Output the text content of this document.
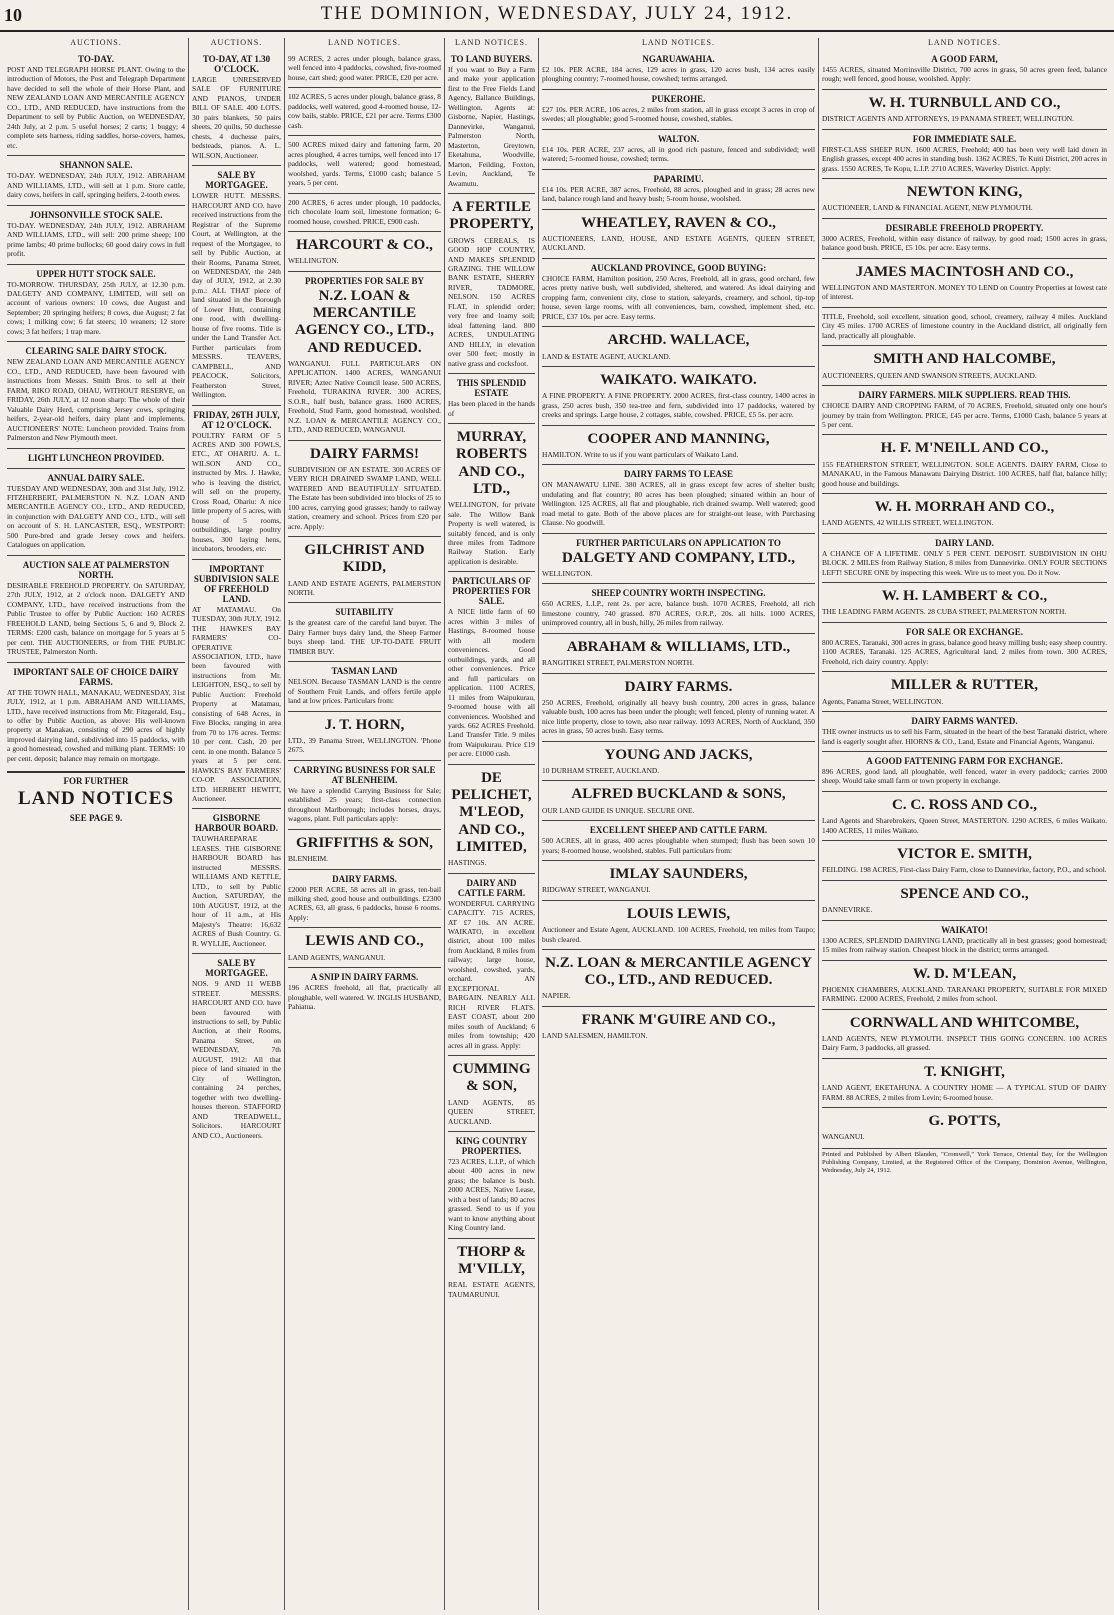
10	THE DOMINION, WEDNESDAY, JULY 24, 1912.
AUCTIONS.
TO-DAY.
POST AND TELEGRAPH HORSE PLANT. Owing to the introduction of Motors, the Post and Telegraph Department have decided to sell the whole of their Horse Plant, and NEW ZEALAND LOAN AND MERCANTILE AGENCY CO., LTD., AND REDUCED, have instructions from the Department to sell by Public Auction, on WEDNESDAY, 24th July, at 2 p.m. 5 useful horses; 2 carts; 1 buggy; 4 complete sets harness, riding saddles, horse-covers, hames, etc.
SHANNON SALE.
TO-DAY. WEDNESDAY, 24th JULY, 1912. ABRAHAM AND WILLIAMS, LTD., will sell at 1 p.m. Store cattle, dairy cows, heifers in calf, springing heifers, 2-tooth ewes.
JOHNSONVILLE STOCK SALE.
TO-DAY. WEDNESDAY, 24th JULY, 1912. ABRAHAM AND WILLIAMS, LTD., will sell: 200 prime sheep; 100 prime lambs; 40 prime bullocks; 60 good dairy cows in full profit.
UPPER HUTT STOCK SALE.
TO-MORROW. THURSDAY, 25th JULY, at 12.30 p.m. DALGETY AND COMPANY, LIMITED, will sell on account of various owners: 10 cows, due August and September; 20 springing heifers; 8 cows, due August; 2 fat cows; 1 milking cow; 6 fat steers; 10 weaners; 12 store cows; 3 fat heifers; 1 trap mare.
CLEARING SALE DAIRY STOCK.
NEW ZEALAND LOAN AND MERCANTILE AGENCY CO., LTD., AND REDUCED, have been favoured with instructions from Messrs. Smith Bros. to sell at their FARM, RIKO ROAD, OHAU, WITHOUT RESERVE, on FRIDAY, 26th JULY, at 12 noon sharp: The whole of their Valuable Dairy Herd, comprising Jersey cows, springing heifers, 2-year-old heifers, dairy plant and implements. AUCTIONEERS' NOTE: Luncheon provided. Trains from Palmerston and New Plymouth meet.
LIGHT LUNCHEON PROVIDED.
ANNUAL DAIRY SALE.
TUESDAY AND WEDNESDAY, 30th and 31st July, 1912. FITZHERBERT, PALMERSTON N. N.Z. LOAN AND MERCANTILE AGENCY CO., LTD., AND REDUCED, in conjunction with DALGETY AND CO., LTD., will sell on account of S. H. LANCASTER, ESQ., WESTPORT: 500 Pure-bred and grade Jersey cows and heifers. Catalogues on application.
AUCTION SALE AT PALMERSTON NORTH.
DESIRABLE FREEHOLD PROPERTY. On SATURDAY, 27th JULY, 1912, at 2 o'clock noon. DALGETY AND COMPANY, LTD., have received instructions from the Public Trustee to offer by Public Auction: 160 ACRES FREEHOLD LAND, being Sections 5, 6 and 9, Block 2. TERMS: £200 cash, balance on mortgage for 5 years at 5 per cent. THE AUCTIONEERS, or from THE PUBLIC TRUSTEE, Palmerston North.
IMPORTANT SALE OF CHOICE DAIRY FARMS.
AT THE TOWN HALL, MANAKAU, WEDNESDAY, 31st JULY, 1912, at 1 p.m. ABRAHAM AND WILLIAMS, LTD., have received instructions from Mr. Fitzgerald, Esq., to offer by Public Auction, as above: His well-known property at Manakau, consisting of 290 acres of highly improved dairying land, subdivided into 15 paddocks, with a good homestead, cowshed and milking plant. TERMS: 10 per cent. deposit; balance may remain on mortgage.
FOR FURTHER
LAND NOTICES
SEE PAGE 9.
AUCTIONS.
TO-DAY, AT 1.30 O'CLOCK.
LARGE UNRESERVED SALE OF FURNITURE AND PIANOS, UNDER BILL OF SALE. 400 LOTS. 30 pairs blankets, 50 pairs sheets, 20 quilts, 50 duchesse chests, 4 duchesse pairs, bedsteads, pianos. A. L. WILSON, Auctioneer.
SALE BY MORTGAGEE.
LOWER HUTT. MESSRS. HARCOURT AND CO. have received instructions from the Registrar of the Supreme Court, at Wellington, at the request of the Mortgagee, to sell by Public Auction, at their Rooms, Panama Street, on WEDNESDAY, the 24th day of JULY, 1912, at 2.30 p.m.: ALL THAT piece of land situated in the Borough of Lower Hutt, containing one rood, with dwelling-house of five rooms. Title is under the Land Transfer Act. Further particulars from MESSRS. TEAVERS, CAMPBELL, AND PEACOCK, Solicitors, Featherston Street, Wellington.
FRIDAY, 26TH JULY, AT 12 O'CLOCK.
POULTRY FARM OF 5 ACRES AND 300 FOWLS, ETC., AT OHARIU. A. L. WILSON AND CO., instructed by Mrs. J. Hawke, who is leaving the district, will sell on the property, Cross Road, Ohariu: A nice little property of 5 acres, with house of 5 rooms, outbuildings, large poultry houses, 300 laying hens, incubators, brooders, etc.
IMPORTANT SUBDIVISION SALE OF FREEHOLD LAND.
AT MATAMAU. On TUESDAY, 30th JULY, 1912. THE HAWKE'S BAY FARMERS' CO-OPERATIVE ASSOCIATION, LTD., have been favoured with instructions from Mr. LEIGHTON, ESQ., to sell by Public Auction: Freehold Property at Matamau, consisting of 648 Acres, in Five Blocks, ranging in area from 70 to 176 acres. Terms: 10 per cent. Cash, 20 per cent. in one month. Balance 5 years at 5 per cent. HAWKE'S BAY FARMERS' CO-OP. ASSOCIATION, LTD. HERBERT HEWITT, Auctioneer.
GISBORNE HARBOUR BOARD.
TAUWHAREPARAE LEASES. THE GISBORNE HARBOUR BOARD has instructed MESSRS. WILLIAMS AND KETTLE, LTD., to sell by Public Auction, SATURDAY, the 10th AUGUST, 1912, at the hour of 11 a.m., at His Majesty's Theatre: 16,632 ACRES of Bush Country. G. R. WYLLIE, Auctioneer.
SALE BY MORTGAGEE.
NOS. 9 AND 11 WEBB STREET. MESSRS. HARCOURT AND CO. have been favoured with instructions to sell, by Public Auction, at their Rooms, Panama Street, on WEDNESDAY, 7th AUGUST, 1912: All that piece of land situated in the City of Wellington, containing 24 perches, together with two dwelling-houses thereon. STAFFORD AND TREADWELL, Solicitors. HARCOURT AND CO., Auctioneers.
LAND NOTICES.
99 ACRES, 2 acres under plough, balance grass, well fenced into 4 paddocks, cowshed, five-roomed house, cart shed; good water. PRICE, £20 per acre.
102 ACRES, 5 acres under plough, balance grass, 8 paddocks, well watered, good 4-roomed house, 12-cow bails, stable. PRICE, £21 per acre. Terms £300 cash.
500 ACRES mixed dairy and fattening farm, 20 acres ploughed, 4 acres turnips, well fenced into 17 paddocks, well watered; good homestead, woolshed, yards. Terms, £1000 cash; balance 5 years, 5 per cent.
200 ACRES, 6 acres under plough, 10 paddocks, rich chocolate loam soil, limestone formation; 6-roomed house, cowshed. PRICE, £900 cash.
HARCOURT & CO.,
WELLINGTON.
PROPERTIES FOR SALE BY
N.Z. LOAN & MERCANTILE AGENCY CO., LTD., AND REDUCED.
WANGANUI. FULL PARTICULARS ON APPLICATION. 1400 ACRES, WANGANUI RIVER; Aztec Native Council lease. 500 ACRES, Freehold, TURAKINA RIVER. 300 ACRES, S.O.R., half bush, balance grass. 1600 ACRES, Freehold, Stud Farm, good homestead, woolshed. N.Z. LOAN & MERCANTILE AGENCY CO., LTD., AND REDUCED, WANGANUI.
DAIRY FARMS!
SUBDIVISION OF AN ESTATE. 300 ACRES OF VERY RICH DRAINED SWAMP LAND, WELL WATERED AND BEAUTIFULLY SITUATED. The Estate has been subdivided into blocks of 25 to 100 acres, carrying good grasses; handy to railway station, creamery and school. Prices from £20 per acre. Apply:
GILCHRIST AND KIDD,
LAND AND ESTATE AGENTS, PALMERSTON NORTH.
SUITABILITY
Is the greatest care of the careful land buyer. The Dairy Farmer buys dairy land, the Sheep Farmer buys sheep land. THE UP-TO-DATE FRUIT TIMBER BUY.
TASMAN LAND
NELSON. Because TASMAN LAND is the centre of Southern Fruit Lands, and offers fertile apple land at low prices. Particulars from:
J. T. HORN,
LTD., 39 Panama Street, WELLINGTON. 'Phone 2675.
CARRYING BUSINESS FOR SALE AT BLENHEIM.
We have a splendid Carrying Business for Sale; established 25 years; first-class connection throughout Marlborough; includes horses, drays, wagons, plant. Full particulars apply:
GRIFFITHS & SON,
BLENHEIM.
DAIRY FARMS.
£2000 PER ACRE, 58 acres all in grass, ten-bail milking shed, good house and outbuildings. £2300 ACRES, 63, all grass, 6 paddocks, house 6 rooms. Apply:
LEWIS AND CO.,
LAND AGENTS, WANGANUI.
A SNIP IN DAIRY FARMS.
196 ACRES freehold, all flat, practically all ploughable, well watered. W. INGLIS HUSBAND, Pahiatua.
LAND NOTICES.
TO LAND BUYERS.
If you want to Buy a Farm and make your application first to the Free Fields Land Agency, Ballance Buildings, Wellington. Agents at: Gisborne, Napier, Hastings, Dannevirke, Wanganui, Palmerston North, Masterton, Greytown, Eketahuna, Woodville, Marton, Feilding, Foxton, Levin, Auckland, Te Awamutu.
A FERTILE PROPERTY,
GROWS CEREALS, IS GOOD HOP COUNTRY, AND MAKES SPLENDID GRAZING. THE WILLOW BANK ESTATE, SHERRY RIVER, TADMORE, NELSON. 150 ACRES FLAT, in splendid order; very free and loamy soil; ideal fattening land. 800 ACRES, UNDULATING AND HILLY, in elevation over 500 feet; mostly in native grass and cocksfoot.
THIS SPLENDID ESTATE
Has been placed in the hands of
MURRAY, ROBERTS AND CO., LTD.,
WELLINGTON, for private sale. The Willow Bank Property is well watered, is suitably fenced, and is only three miles from Tadmore Railway Station. Early application is desirable.
PARTICULARS OF PROPERTIES FOR SALE.
A NICE little farm of 60 acres within 3 miles of Hastings, 8-roomed house with all modern conveniences. Good outbuildings, yards, and all other conveniences. Price and full particulars on application. 1100 ACRES, 11 miles from Waipukurau, 9-roomed house with all conveniences. Woolshed and yards. 662 ACRES Freehold. Land Transfer Title. 9 miles from Waipukurau. Price £19 per acre. £1000 cash.
DE PELICHET, M'LEOD, AND CO., LIMITED,
HASTINGS.
DAIRY AND CATTLE FARM.
WONDERFUL CARRYING CAPACITY. 715 ACRES, AT £7 10s. AN ACRE. WAIKATO, in excellent district, about 100 miles from Auckland, 8 miles from railway; large house, woolshed, cowshed, yards, orchard. AN EXCEPTIONAL BARGAIN. NEARLY ALL RICH RIVER FLATS. EAST COAST, about 200 miles south of Auckland; 6 miles from township; 420 acres all in grass. Apply:
CUMMING & SON,
LAND AGENTS, 85 QUEEN STREET, AUCKLAND.
KING COUNTRY PROPERTIES.
723 ACRES, L.I.P., of which about 400 acres in new grass; the balance is bush. 2000 ACRES, Native Lease, with a best of lands; 80 acres grassed. Send to us if you want to know anything about King Country land.
THORP & M'VILLY,
REAL ESTATE AGENTS, TAUMARUNUI.
LAND NOTICES.
NGARUAWAHIA.
£2 10s. PER ACRE, 184 acres, 129 acres in grass, 120 acres bush, 134 acres easily ploughing country; 7-roomed house, cowshed; terms arranged.
PUKEROHE.
£27 10s. PER ACRE, 106 acres, 2 miles from station, all in grass except 3 acres in crop of swedes; all ploughable; good 5-roomed house, cowshed, stables.
WALTON.
£14 10s. PER ACRE, 237 acres, all in good rich pasture, fenced and subdivided; well watered; 5-roomed house, cowshed; terms.
PAPARIMU.
£14 10s. PER ACRE, 387 acres, Freehold, 88 acres, ploughed and in grass; 28 acres new land, balance rough land and heavy bush; 5-room house, woolshed.
WHEATLEY, RAVEN & CO.,
AUCTIONEERS, LAND, HOUSE, AND ESTATE AGENTS, QUEEN STREET, AUCKLAND.
AUCKLAND PROVINCE, GOOD BUYING:
CHOICE FARM, Hamilton position, 250 Acres, Freehold, all in grass, good orchard, few acres pretty native bush, well subdivided, sheltered, and watered. As ideal dairying and cropping farm, convenient city, close to station, saleyards, creamery, and school, tip-top house, seven large rooms, with all conveniences, barn, cowshed, implement shed, etc. PRICE, £37 10s. per acre. Easy terms.
ARCHD. WALLACE,
LAND & ESTATE AGENT, AUCKLAND.
WAIKATO. WAIKATO.
A FINE PROPERTY. A FINE PROPERTY. 2000 ACRES, first-class country, 1400 acres in grass, 250 acres bush, 350 tea-tree and fern, subdivided into 17 paddocks, watered by creeks and springs. Large house, 2 cottages, stable, cowshed. PRICE, £5 5s. per acre.
COOPER AND MANNING,
HAMILTON. Write to us if you want particulars of Waikato Land.
DAIRY FARMS TO LEASE
ON MANAWATU LINE. 380 ACRES, all in grass except few acres of shelter bush; undulating and flat country; 80 acres has been ploughed; situated within an hour of Wellington. 125 ACRES, all flat and ploughable, rich drained swamp. Well watered; good road metal to gate. Both of the above places are for straight-out lease, with Purchasing Clause. No goodwill.
FURTHER PARTICULARS ON APPLICATION TO
DALGETY AND COMPANY, LTD.,
WELLINGTON.
SHEEP COUNTRY WORTH INSPECTING.
650 ACRES, L.I.P., rent 2s. per acre, balance bush. 1070 ACRES, Freehold, all rich limestone country, 740 grassed. 870 ACRES, O.R.P., 20s. all hills. 1000 ACRES, unimproved country, all in bush, hilly, 26 miles from railway.
ABRAHAM & WILLIAMS, LTD.,
RANGITIKEI STREET, PALMERSTON NORTH.
DAIRY FARMS.
250 ACRES, Freehold, originally all heavy bush country, 200 acres in grass, balance valuable bush, 100 acres has been under the plough; well fenced, plenty of running water. A nice little property, close to town, also near railway. 1093 ACRES, North of Auckland, 350 acres in grass, 50 acres bush. Easy terms.
YOUNG AND JACKS,
10 DURHAM STREET, AUCKLAND.
ALFRED BUCKLAND & SONS,
OUR LAND GUIDE IS UNIQUE. SECURE ONE.
EXCELLENT SHEEP AND CATTLE FARM.
500 ACRES, all in grass, 400 acres ploughable when stumped; flush has been sown 10 years; 8-roomed house, woolshed, stables. Full particulars from:
IMLAY SAUNDERS,
RIDGWAY STREET, WANGANUI.
LOUIS LEWIS,
Auctioneer and Estate Agent, AUCKLAND. 100 ACRES, Freehold, ten miles from Taupo; bush cleared.
N.Z. LOAN & MERCANTILE AGENCY CO., LTD., AND REDUCED.
NAPIER.
FRANK M'GUIRE AND CO.,
LAND SALESMEN, HAMILTON.
LAND NOTICES.
A GOOD FARM,
1455 ACRES, situated Morrinsville District, 700 acres in grass, 50 acres green feed, balance rough; well fenced, good house, woolshed. Apply:
W. H. TURNBULL AND CO.,
DISTRICT AGENTS AND ATTORNEYS, 19 PANAMA STREET, WELLINGTON.
FOR IMMEDIATE SALE.
FIRST-CLASS SHEEP RUN. 1600 ACRES, Freehold; 400 has been very well laid down in English grasses, except 400 acres in standing bush. 1362 ACRES, Te Kuiti District, 200 acres in grass. 1550 ACRES, Te Kopu, L.I.P. 2710 ACRES, Waverley District. Apply:
NEWTON KING,
AUCTIONEER, LAND & FINANCIAL AGENT, NEW PLYMOUTH.
DESIRABLE FREEHOLD PROPERTY.
3000 ACRES, Freehold, within easy distance of railway, by good road; 1500 acres in grass, balance good bush. PRICE, £5 10s. per acre. Easy terms.
JAMES MACINTOSH AND CO.,
WELLINGTON AND MASTERTON. MONEY TO LEND on Country Properties at lowest rate of interest.
TITLE, Freehold, soil excellent, situation good, school, creamery, railway 4 miles. Auckland City 45 miles. 1700 ACRES of limestone country in the Auckland district, all originally fern land, practically all ploughable.
SMITH AND HALCOMBE,
AUCTIONEERS, QUEEN AND SWANSON STREETS, AUCKLAND.
DAIRY FARMERS. MILK SUPPLIERS. READ THIS.
CHOICE DAIRY AND CROPPING FARM, of 70 ACRES, Freehold, situated only one hour's journey by train from Wellington. PRICE, £45 per acre. Terms, £1000 Cash, balance 5 years at 5 per cent.
H. F. M'NEILL AND CO.,
155 FEATHERSTON STREET, WELLINGTON. SOLE AGENTS. DAIRY FARM, Close to MANAKAU, in the Famous Manawatu Dairying District. 100 ACRES, half flat, balance hilly; good house and buildings.
W. H. MORRAH AND CO.,
LAND AGENTS, 42 WILLIS STREET, WELLINGTON.
DAIRY LAND.
A CHANCE OF A LIFETIME. ONLY 5 PER CENT. DEPOSIT. SUBDIVISION IN OHU BLOCK. 2 MILES from Railway Station, 8 miles from Dannevirke. ONLY FOUR SECTIONS LEFT! SECURE ONE by inspecting this week. Wire us to meet you. Do it Now.
W. H. LAMBERT & CO.,
THE LEADING FARM AGENTS. 28 CUBA STREET, PALMERSTON NORTH.
FOR SALE OR EXCHANGE.
800 ACRES, Taranaki, 300 acres in grass, balance good heavy milling bush; easy sheep country. 1100 ACRES, Taranaki. 125 ACRES, Agricultural land, 2 miles from town. 300 ACRES, Freehold, rich dairy country. Apply:
MILLER & RUTTER,
Agents, Panama Street, WELLINGTON.
DAIRY FARMS WANTED.
THE owner instructs us to sell his Farm, situated in the heart of the best Taranaki district, where land is eagerly sought after. HIORNS & CO., Land, Estate and Financial Agents, Wanganui.
A GOOD FATTENING FARM FOR EXCHANGE.
896 ACRES, good land, all ploughable, well fenced, water in every paddock; carries 2000 sheep. Would take small farm or town property in exchange.
C. C. ROSS AND CO.,
Land Agents and Sharebrokers, Queen Street, MASTERTON. 1290 ACRES, 6 miles Waikato. 1400 ACRES, 11 miles Waikato.
VICTOR E. SMITH,
FEILDING. 198 ACRES, First-class Dairy Farm, close to Dannevirke, factory, P.O., and school.
SPENCE AND CO.,
DANNEVIRKE.
WAIKATO!
1300 ACRES, SPLENDID DAIRYING LAND, practically all in best grasses; good homestead; 15 miles from railway station. Cheapest block in the district; terms arranged.
W. D. M'LEAN,
PHOENIX CHAMBERS, AUCKLAND. TARANAKI PROPERTY, SUITABLE FOR MIXED FARMING. £2000 ACRES, Freehold, 2 miles from school.
CORNWALL AND WHITCOMBE,
LAND AGENTS, NEW PLYMOUTH. INSPECT THIS GOING CONCERN. 100 ACRES Dairy Farm, 3 paddocks, all grassed.
T. KNIGHT,
LAND AGENT, EKETAHUNA. A COUNTRY HOME — A TYPICAL STUD OF DAIRY FARM. 88 ACRES, 2 miles from Levin; 6-roomed house.
G. POTTS,
WANGANUI.
Printed and Published by Albert Blanden, "Cromwell," York Terrace, Oriental Bay, for the Wellington Publishing Company, Limited, at the Registered Office of the Company, Dominion Avenue, Wellington, Wednesday, July 24, 1912.
